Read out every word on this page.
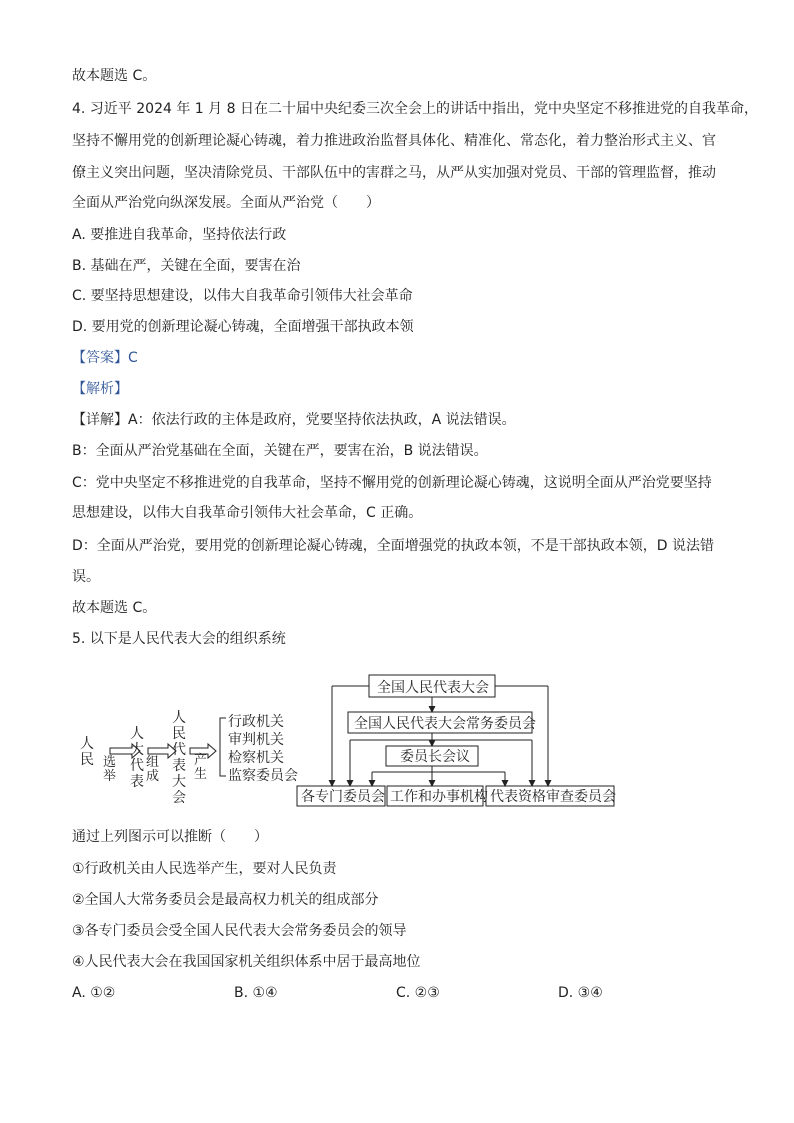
故本题选 C。
4. 习近平 2024 年 1 月 8 日在二十届中央纪委三次全会上的讲话中指出，党中央坚定不移推进党的自我革命，
坚持不懈用党的创新理论凝心铸魂，着力推进政治监督具体化、精准化、常态化，着力整治形式主义、官
僚主义突出问题，坚决清除党员、干部队伍中的害群之马，从严从实加强对党员、干部的管理监督，推动
全面从严治党向纵深发展。全面从严治党（　　）
A. 要推进自我革命，坚持依法行政
B. 基础在严，关键在全面，要害在治
C. 要坚持思想建设，以伟大自我革命引领伟大社会革命
D. 要用党的创新理论凝心铸魂，全面增强干部执政本领
【答案】C
【解析】
【详解】A：依法行政的主体是政府，党要坚持依法执政，A 说法错误。
B：全面从严治党基础在全面，关键在严，要害在治，B 说法错误。
C：党中央坚定不移推进党的自我革命，坚持不懈用党的创新理论凝心铸魂，这说明全面从严治党要坚持
思想建设，以伟大自我革命引领伟大社会革命，C 正确。
D：全面从严治党，要用党的创新理论凝心铸魂，全面增强党的执政本领，不是干部执政本领，D 说法错
误。
故本题选 C。
5. 以下是人民代表大会的组织系统
人民 选举
人大代表
组成
人民代表大会
产生
行政机关
审判机关
检察机关
监察委员会
全国人民代表大会
全国人民代表大会常务委员会
委员长会议
各专门委员会 工作和办事机构 代表资格审查委员会
通过上列图示可以推断（　　）
①行政机关由人民选举产生，要对人民负责
②全国人大常务委员会是最高权力机关的组成部分
③各专门委员会受全国人民代表大会常务委员会的领导
④人民代表大会在我国国家机关组织体系中居于最高地位
A. ①②	B. ①④	C. ②③	D. ③④
